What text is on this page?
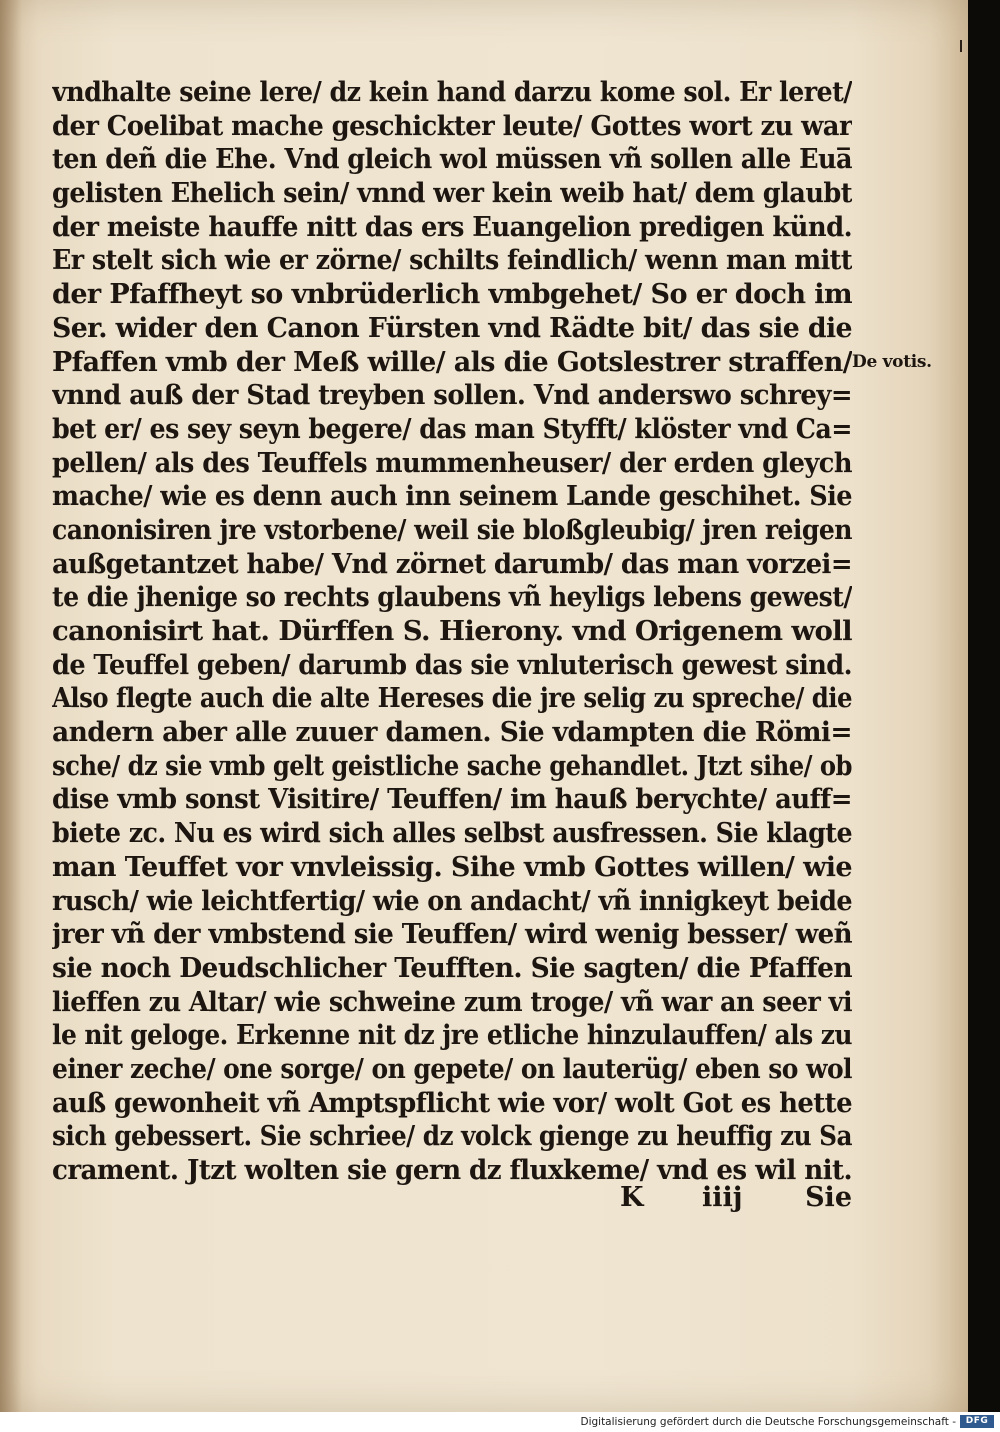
vndhalte seine lere/ dz kein hand darzu kome sol. Er leret/
der Coelibat mache geschickter leute/ Gottes wort zu war
ten deñ die Ehe. Vnd gleich wol müssen vñ sollen alle Eua̅
gelisten Ehelich sein/ vnnd wer kein weib hat/ dem glaubt
der meiste hauffe nitt das ers Euangelion predigen künd.
Er stelt sich wie er zörne/ schilts feindlich/ wenn man mitt
der Pfaffheyt so vnbrüderlich vmbgehet/ So er doch im
Ser. wider den Canon Fürsten vnd Rädte bit/ das sie die
Pfaffen vmb der Meß wille/ als die Gotslestrer straffen/
vnnd auß der Stad treyben sollen. Vnd anderswo schrey=
bet er/ es sey seyn begere/ das man Styfft/ klöster vnd Ca=
pellen/ als des Teuffels mummenheuser/ der erden gleych
mache/ wie es denn auch inn seinem Lande geschihet. Sie
canonisiren jre vstorbene/ weil sie bloßgleubig/ jren reigen
außgetantzet habe/ Vnd zörnet darumb/ das man vorzei=
te die jhenige so rechts glaubens vñ heyligs lebens gewest/
canonisirt hat. Dürffen S. Hierony. vnd Origenem woll
de Teuffel geben/ darumb das sie vnluterisch gewest sind.
Also flegte auch die alte Hereses die jre selig zu spreche/ die
andern aber alle zuuer damen. Sie vdampten die Römi=
sche/ dz sie vmb gelt geistliche sache gehandlet. Jtzt sihe/ ob
dise vmb sonst Visitire/ Teuffen/ im hauß berychte/ auff=
biete zc. Nu es wird sich alles selbst ausfressen. Sie klagte
man Teuffet vor vnvleissig. Sihe vmb Gottes willen/ wie
rusch/ wie leichtfertig/ wie on andacht/ vñ innigkeyt beide
jrer vñ der vmbstend sie Teuffen/ wird wenig besser/ weñ
sie noch Deudschlicher Teufften. Sie sagten/ die Pfaffen
lieffen zu Altar/ wie schweine zum troge/ vñ war an seer vi
le nit geloge. Erkenne nit dz jre etliche hinzulauffen/ als zu
einer zeche/ one sorge/ on gepete/ on lauterüg/ eben so wol
auß gewonheit vñ Amptspflicht wie vor/ wolt Got es hette
sich gebessert. Sie schriee/ dz volck gienge zu heuffig zu Sa
crament. Jtzt wolten sie gern dz fluxkeme/ vnd es wil nit.
De votis.
K iiij Sie
Digitalisierung gefördert durch die Deutsche Forschungsgemeinschaft -	DFG
